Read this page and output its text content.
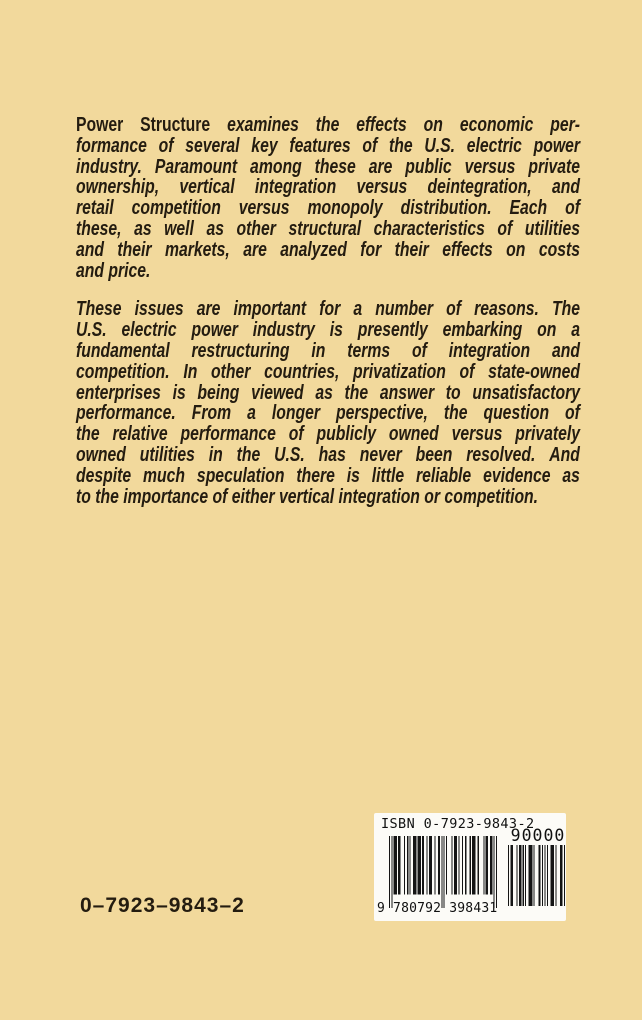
Power Structure examines the effects on economic per-
formance of several key features of the U.S. electric power
industry. Paramount among these are public versus private
ownership, vertical integration versus deintegration, and
retail competition versus monopoly distribution. Each of
these, as well as other structural characteristics of utilities
and their markets, are analyzed for their effects on costs
and price.
These issues are important for a number of reasons. The
U.S. electric power industry is presently embarking on a
fundamental restructuring in terms of integration and
competition. In other countries, privatization of state-owned
enterprises is being viewed as the answer to unsatisfactory
performance. From a longer perspective, the question of
the relative performance of publicly owned versus privately
owned utilities in the U.S. has never been resolved. And
despite much speculation there is little reliable evidence as
to the importance of either vertical integration or competition.
0–7923–9843–2
ISBN 0-7923-9843-2
9 780792 398431
90000
